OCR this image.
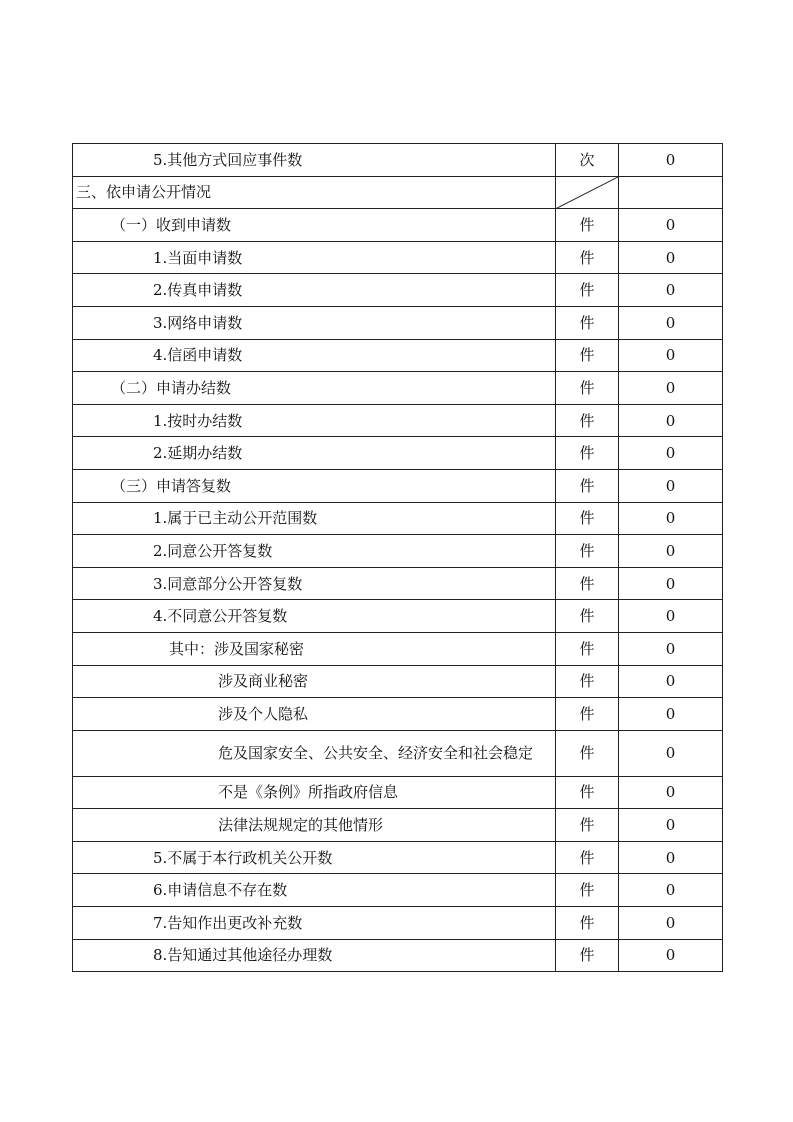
5.其他方式回应事件数	次	0

三、依申请公开情况

（一）收到申请数	件	0

1.当面申请数	件	0

2.传真申请数	件	0

3.网络申请数	件	0

4.信函申请数	件	0

（二）申请办结数	件	0

1.按时办结数	件	0

2.延期办结数	件	0

（三）申请答复数	件	0

1.属于已主动公开范围数	件	0

2.同意公开答复数	件	0

3.同意部分公开答复数	件	0

4.不同意公开答复数	件	0

其中：涉及国家秘密	件	0

涉及商业秘密	件	0

涉及个人隐私	件	0

危及国家安全、公共安全、经济安全和社会稳定	件	0

不是《条例》所指政府信息	件	0

法律法规规定的其他情形	件	0

5.不属于本行政机关公开数	件	0

6.申请信息不存在数	件	0

7.告知作出更改补充数	件	0

8.告知通过其他途径办理数	件	0
